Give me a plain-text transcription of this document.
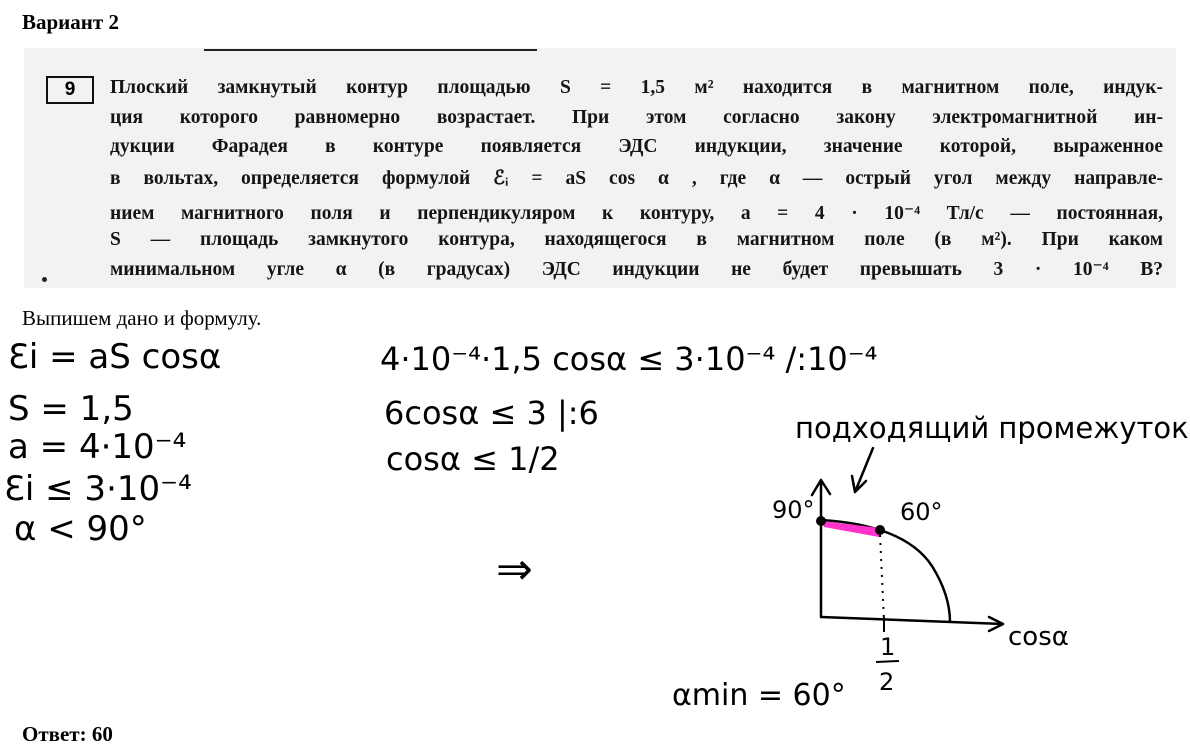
Вариант 2
9	Плоский замкнутый контур площадью S = 1,5 м² находится в магнитном поле, индук-
ция которого равномерно возрастает. При этом согласно закону электромагнитной ин-
дукции Фарадея в контуре появляется ЭДС индукции, значение которой, выраженное
в вольтах, определяется формулой ℰᵢ = aS cos α , где α — острый угол между направле-
нием магнитного поля и перпендикуляром к контуру, a = 4 · 10⁻⁴ Тл/с — постоянная,
S — площадь замкнутого контура, находящегося в магнитном поле (в м²). При каком
минимальном угле α (в градусах) ЭДС индукции не будет превышать 3 · 10⁻⁴ В?
Выпишем дано и формулу.
Ɛi = aS cosα
S = 1,5
a = 4·10⁻⁴
Ɛi ≤ 3·10⁻⁴
α < 90°
4·10⁻⁴·1,5 cosα ≤ 3·10⁻⁴ /:10⁻⁴
6cosα ≤ 3 |:6
cosα ≤ 1/2
⇒
подходящий промежуток
90°	60°
cosα
1
2
αmin = 60°
Ответ: 60
